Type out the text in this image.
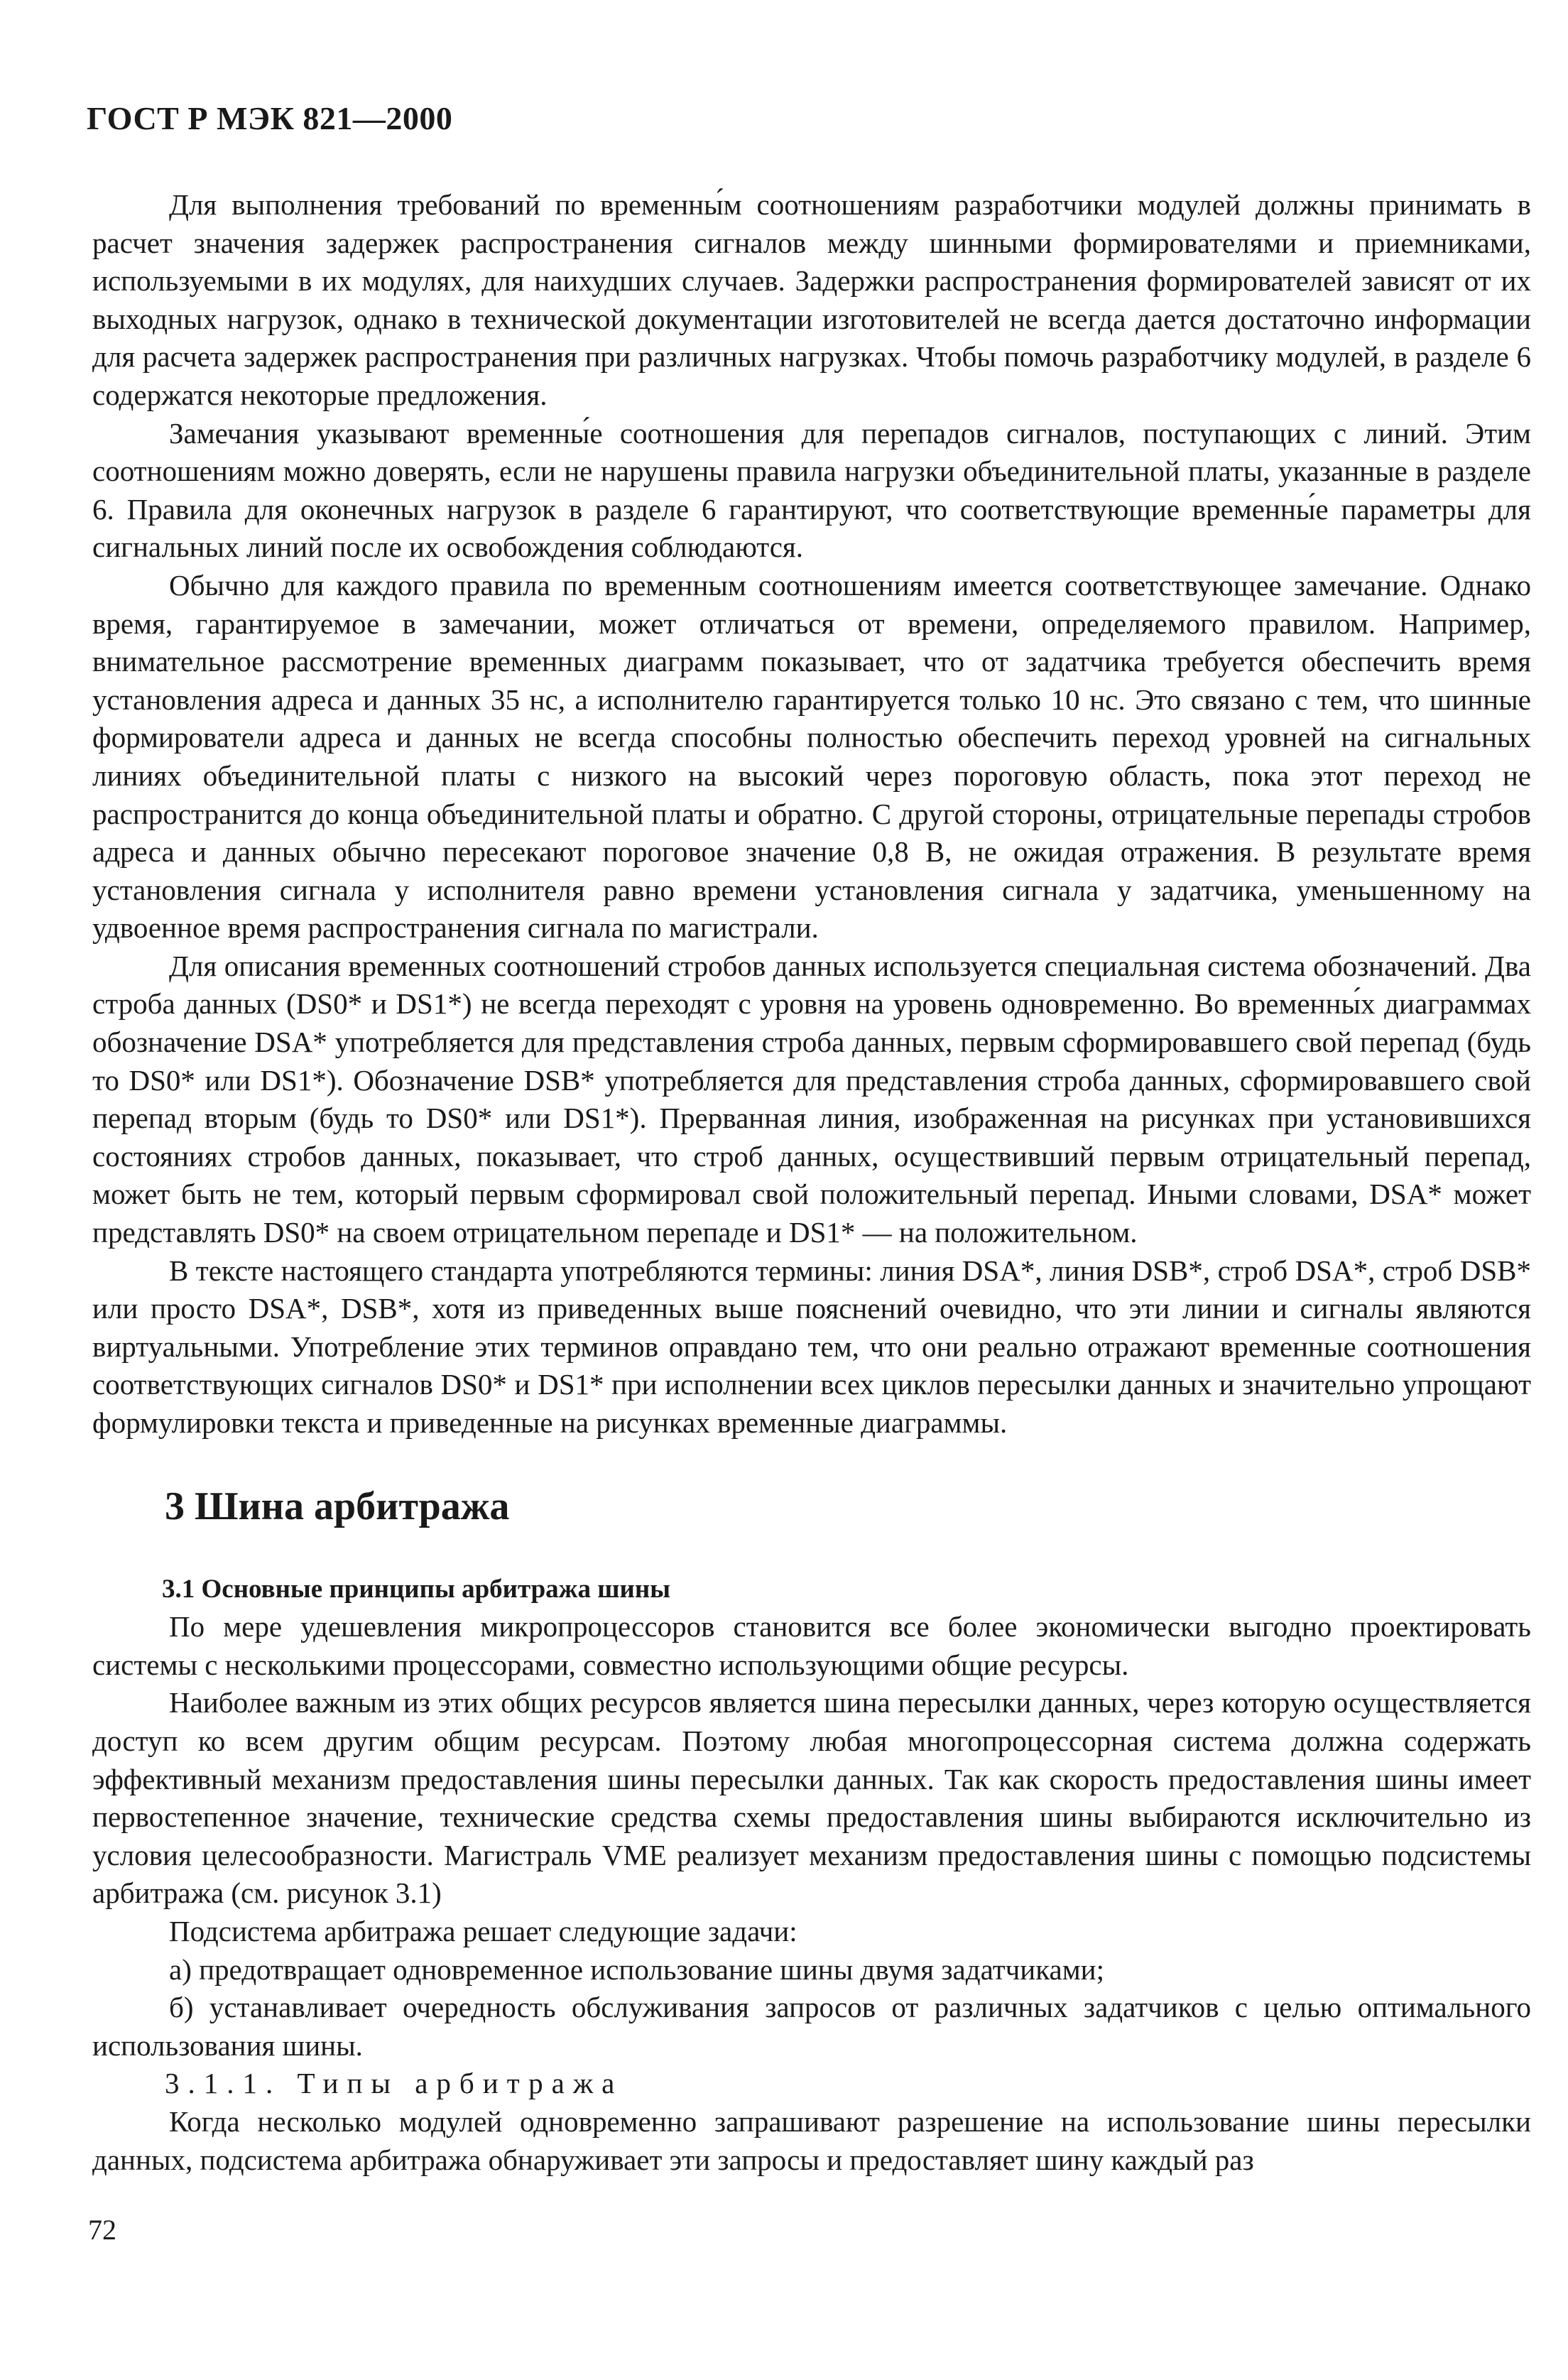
ГОСТ Р МЭК 821—2000

Для выполнения требований по временны́м соотношениям разработчики модулей должны принимать в расчет значения задержек распространения сигналов между шинными формирователями и приемниками, используемыми в их модулях, для наихудших случаев. Задержки распространения формирователей зависят от их выходных нагрузок, однако в технической документации изготовителей не всегда дается достаточно информации для расчета задержек распространения при различных нагрузках. Чтобы помочь разработчику модулей, в разделе 6 содержатся некоторые предложения.

Замечания указывают временны́е соотношения для перепадов сигналов, поступающих с линий. Этим соотношениям можно доверять, если не нарушены правила нагрузки объединительной платы, указанные в разделе 6. Правила для оконечных нагрузок в разделе 6 гарантируют, что соответствующие временны́е параметры для сигнальных линий после их освобождения соблюдаются.

Обычно для каждого правила по временным соотношениям имеется соответствующее замечание. Однако время, гарантируемое в замечании, может отличаться от времени, определяемого правилом. Например, внимательное рассмотрение временных диаграмм показывает, что от задатчика требуется обеспечить время установления адреса и данных 35 нс, а исполнителю гарантируется только 10 нс. Это связано с тем, что шинные формирователи адреса и данных не всегда способны полностью обеспечить переход уровней на сигнальных линиях объединительной платы с низкого на высокий через пороговую область, пока этот переход не распространится до конца объединительной платы и обратно. С другой стороны, отрицательные перепады стробов адреса и данных обычно пересекают пороговое значение 0,8 В, не ожидая отражения. В результате время установления сигнала у исполнителя равно времени установления сигнала у задатчика, уменьшенному на удвоенное время распространения сигнала по магистрали.

Для описания временных соотношений стробов данных используется специальная система обозначений. Два строба данных (DS0* и DS1*) не всегда переходят с уровня на уровень одновременно. Во временны́х диаграммах обозначение DSA* употребляется для представления строба данных, первым сформировавшего свой перепад (будь то DS0* или DS1*). Обозначение DSB* употребляется для представления строба данных, сформировавшего свой перепад вторым (будь то DS0* или DS1*). Прерванная линия, изображенная на рисунках при установившихся состояниях стробов данных, показывает, что строб данных, осуществивший первым отрицательный перепад, может быть не тем, который первым сформировал свой положительный перепад. Иными словами, DSA* может представлять DS0* на своем отрицательном перепаде и DS1* — на положительном.

В тексте настоящего стандарта употребляются термины: линия DSA*, линия DSB*, строб DSA*, строб DSB* или просто DSA*, DSB*, хотя из приведенных выше пояснений очевидно, что эти линии и сигналы являются виртуальными. Употребление этих терминов оправдано тем, что они реально отражают временные соотношения соответствующих сигналов DS0* и DS1* при исполнении всех циклов пересылки данных и значительно упрощают формулировки текста и приведенные на рисунках временные диаграммы.

3 Шина арбитража
3.1 Основные принципы арбитража шины

По мере удешевления микропроцессоров становится все более экономически выгодно проектировать системы с несколькими процессорами, совместно использующими общие ресурсы.

Наиболее важным из этих общих ресурсов является шина пересылки данных, через которую осуществляется доступ ко всем другим общим ресурсам. Поэтому любая многопроцессорная система должна содержать эффективный механизм предоставления шины пересылки данных. Так как скорость предоставления шины имеет первостепенное значение, технические средства схемы предоставления шины выбираются исключительно из условия целесообразности. Магистраль VME реализует механизм предоставления шины с помощью подсистемы арбитража (см. рисунок 3.1)

Подсистема арбитража решает следующие задачи:

а) предотвращает одновременное использование шины двумя задатчиками;

б) устанавливает очередность обслуживания запросов от различных задатчиков с целью оптимального использования шины.

3.1.1. Типы арбитража

Когда несколько модулей одновременно запрашивают разрешение на использование шины пересылки данных, подсистема арбитража обнаруживает эти запросы и предоставляет шину каждый раз

72
